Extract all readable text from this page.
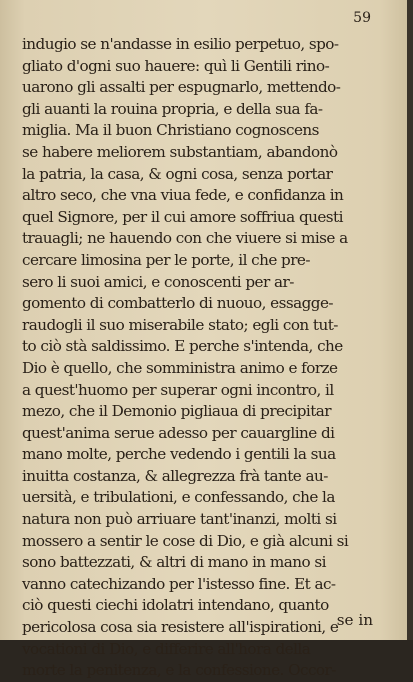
59
indugio se n'andasse in esilio perpetuo, spo-
gliato d'ogni suo hauere: quì li Gentili rino-
uarono gli assalti per espugnarlo, mettendo-
gli auanti la rouina propria, e della sua fa-
miglia. Ma il buon Christiano cognoscens
se habere meliorem substantiam, abandonò
la patria, la casa, & ogni cosa, senza portar
altro seco, che vna viua fede, e confidanza in
quel Signore, per il cui amore soffriua questi
trauagli; ne hauendo con che viuere si mise a
cercare limosina per le porte, il che pre-
sero li suoi amici, e conoscenti per ar-
gomento di combatterlo di nuouo, essagge-
raudogli il suo miserabile stato; egli con tut-
to ciò stà saldissimo. E perche s'intenda, che
Dio è quello, che somministra animo e forze
a quest'huomo per superar ogni incontro, il
mezo, che il Demonio pigliaua di precipitar
quest'anima serue adesso per cauargline di
mano molte, perche vedendo i gentili la sua
inuitta costanza, & allegrezza frà tante au-
uersità, e tribulationi, e confessando, che la
natura non può arriuare tant'inanzi, molti si
mossero a sentir le cose di Dio, e già alcuni si
sono battezzati, & altri di mano in mano si
vanno catechizando per l'istesso fine. Et ac-
ciò questi ciechi idolatri intendano, quanto
pericolosa cosa sia resistere all'ispirationi, e
vocationi di Dio, e differire all'hora della
morte la penitenza, e la confessione. Occor-
se in
